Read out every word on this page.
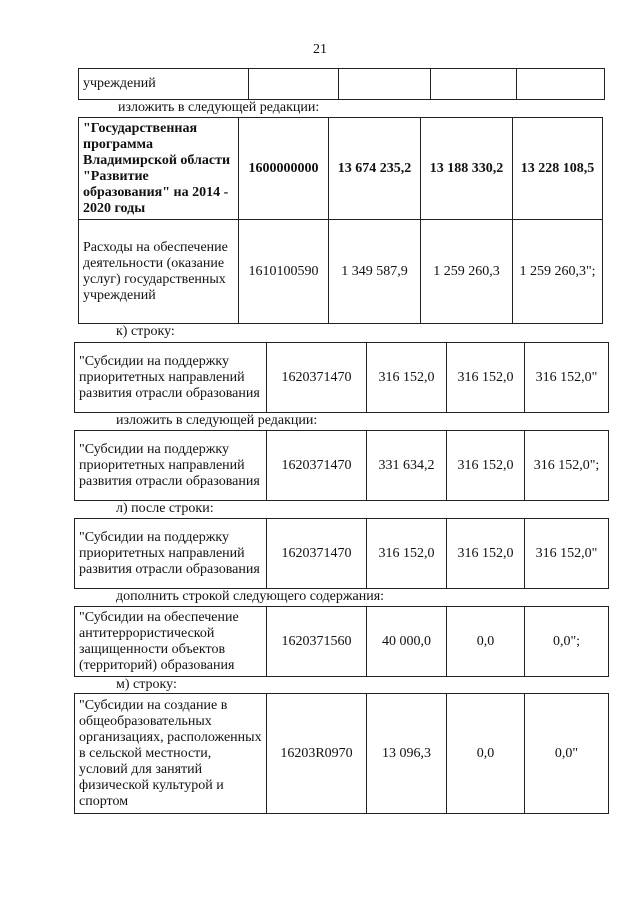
21
учреждений				
изложить в следующей редакции:
"Государственная программа Владимирской области "Развитие образования" на 2014 - 2020 годы	1600000000	13 674 235,2	13 188 330,2	13 228 108,5
Расходы на обеспечение деятельности (оказание услуг) государственных учреждений	1610100590	1 349 587,9	1 259 260,3	1 259 260,3";
к) строку:
"Субсидии на поддержку приоритетных направлений развития отрасли образования	1620371470	316 152,0	316 152,0	316 152,0"
изложить в следующей редакции:
"Субсидии на поддержку приоритетных направлений развития отрасли образования	1620371470	331 634,2	316 152,0	316 152,0";
л) после строки:
"Субсидии на поддержку приоритетных направлений развития отрасли образования	1620371470	316 152,0	316 152,0	316 152,0"
дополнить строкой следующего содержания:
"Субсидии на обеспечение антитеррористической защищенности объектов (территорий) образования	1620371560	40 000,0	0,0	0,0";
м) строку:
"Субсидии на создание в общеобразовательных организациях, расположенных в сельской местности, условий для занятий физической культурой и спортом	16203R0970	13 096,3	0,0	0,0"
